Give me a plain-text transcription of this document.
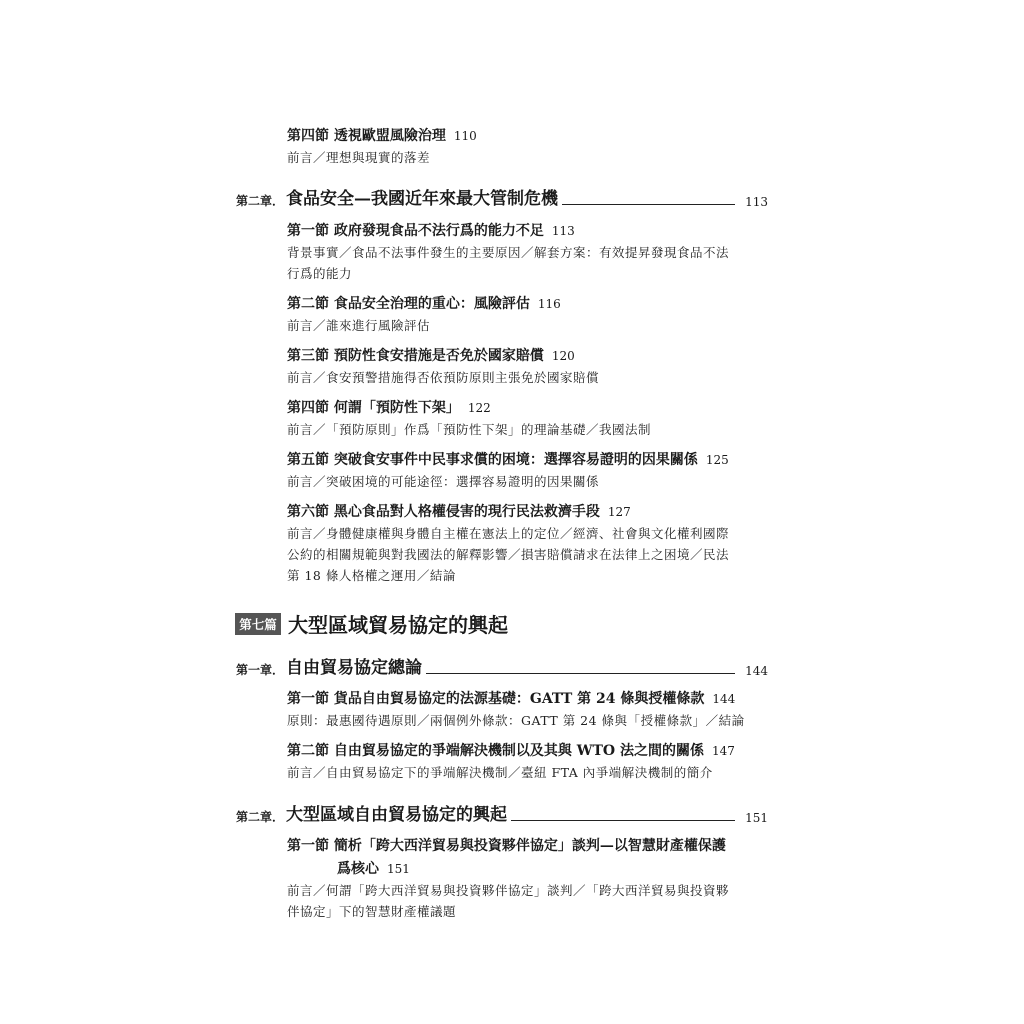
第四節 透視歐盟風險治理 110
前言／理想與現實的落差
第二章． 食品安全—我國近年來最大管制危機	113
第一節 政府發現食品不法行爲的能力不足 113
背景事實／食品不法事件發生的主要原因／解套方案：有效提昇發現食品不法
行爲的能力
第二節 食品安全治理的重心：風險評估 116
前言／誰來進行風險評估
第三節 預防性食安措施是否免於國家賠償 120
前言／食安預警措施得否依預防原則主張免於國家賠償
第四節 何謂「預防性下架」 122
前言／「預防原則」作爲「預防性下架」的理論基礎／我國法制
第五節 突破食安事件中民事求償的困境：選擇容易證明的因果關係 125
前言／突破困境的可能途徑：選擇容易證明的因果關係
第六節 黑心食品對人格權侵害的現行民法救濟手段 127
前言／身體健康權與身體自主權在憲法上的定位／經濟、社會與文化權利國際
公約的相關規範與對我國法的解釋影響／損害賠償請求在法律上之困境／民法
第 18 條人格權之運用／結論
第七篇 大型區域貿易協定的興起
第一章． 自由貿易協定總論	144
第一節 貨品自由貿易協定的法源基礎：GATT 第 24 條與授權條款 144
原則：最惠國待遇原則／兩個例外條款：GATT 第 24 條與「授權條款」／結論
第二節 自由貿易協定的爭端解決機制以及其與 WTO 法之間的關係 147
前言／自由貿易協定下的爭端解決機制／臺紐 FTA 內爭端解決機制的簡介
第二章． 大型區域自由貿易協定的興起	151
第一節 簡析「跨大西洋貿易與投資夥伴協定」談判—以智慧財產權保護
爲核心 151
前言／何謂「跨大西洋貿易與投資夥伴協定」談判／「跨大西洋貿易與投資夥
伴協定」下的智慧財產權議題
